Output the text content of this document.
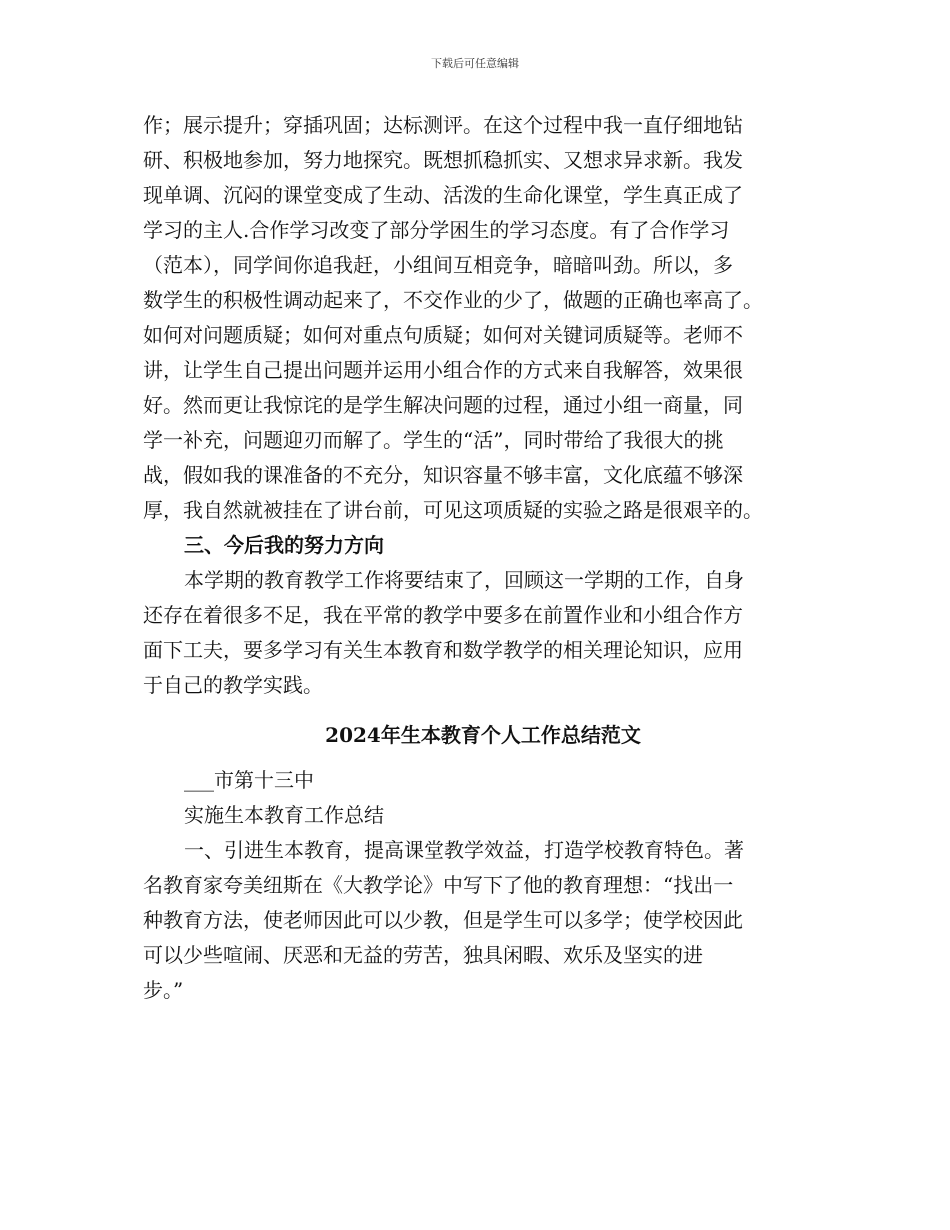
下载后可任意编辑
作；展示提升；穿插巩固；达标测评。在这个过程中我一直仔细地钻
研、积极地参加，努力地探究。既想抓稳抓实、又想求异求新。我发
现单调、沉闷的课堂变成了生动、活泼的生命化课堂，学生真正成了
学习的主人.合作学习改变了部分学困生的学习态度。有了合作学习
（范本），同学间你追我赶，小组间互相竞争，暗暗叫劲。所以，多
数学生的积极性调动起来了，不交作业的少了，做题的正确也率高了。
如何对问题质疑；如何对重点句质疑；如何对关键词质疑等。老师不
讲，让学生自己提出问题并运用小组合作的方式来自我解答，效果很
好。然而更让我惊诧的是学生解决问题的过程，通过小组一商量，同
学一补充，问题迎刃而解了。学生的“活”，同时带给了我很大的挑
战，假如我的课准备的不充分，知识容量不够丰富，文化底蕴不够深
厚，我自然就被挂在了讲台前，可见这项质疑的实验之路是很艰辛的。
三、今后我的努力方向
本学期的教育教学工作将要结束了，回顾这一学期的工作，自身
还存在着很多不足，我在平常的教学中要多在前置作业和小组合作方
面下工夫，要多学习有关生本教育和数学教学的相关理论知识，应用
于自己的教学实践。
2024年生本教育个人工作总结范文
___市第十三中
实施生本教育工作总结
一、引进生本教育，提高课堂教学效益，打造学校教育特色。著
名教育家夸美纽斯在《大教学论》中写下了他的教育理想：“找出一
种教育方法，使老师因此可以少教，但是学生可以多学；使学校因此
可以少些喧闹、厌恶和无益的劳苦，独具闲暇、欢乐及坚实的进
步。”
